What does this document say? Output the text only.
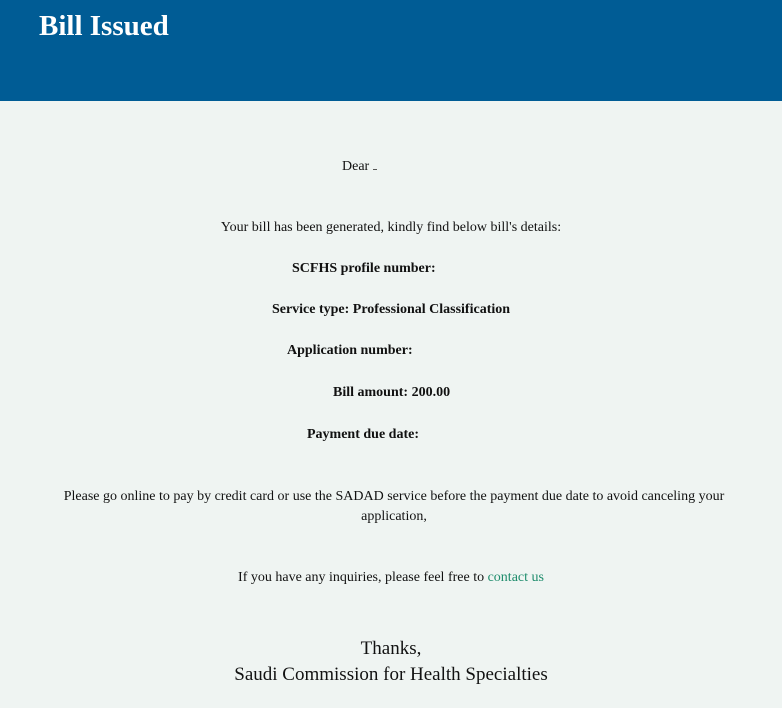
Bill Issued
Dear
Your bill has been generated, kindly find below bill's details:
SCFHS profile number:
Service type: Professional Classification
Application number:
Bill amount: 200.00
Payment due date:
Please go online to pay by credit card or use the SADAD service before the payment due date to avoid canceling your application,
If you have any inquiries, please feel free to contact us
Thanks,
Saudi Commission for Health Specialties
